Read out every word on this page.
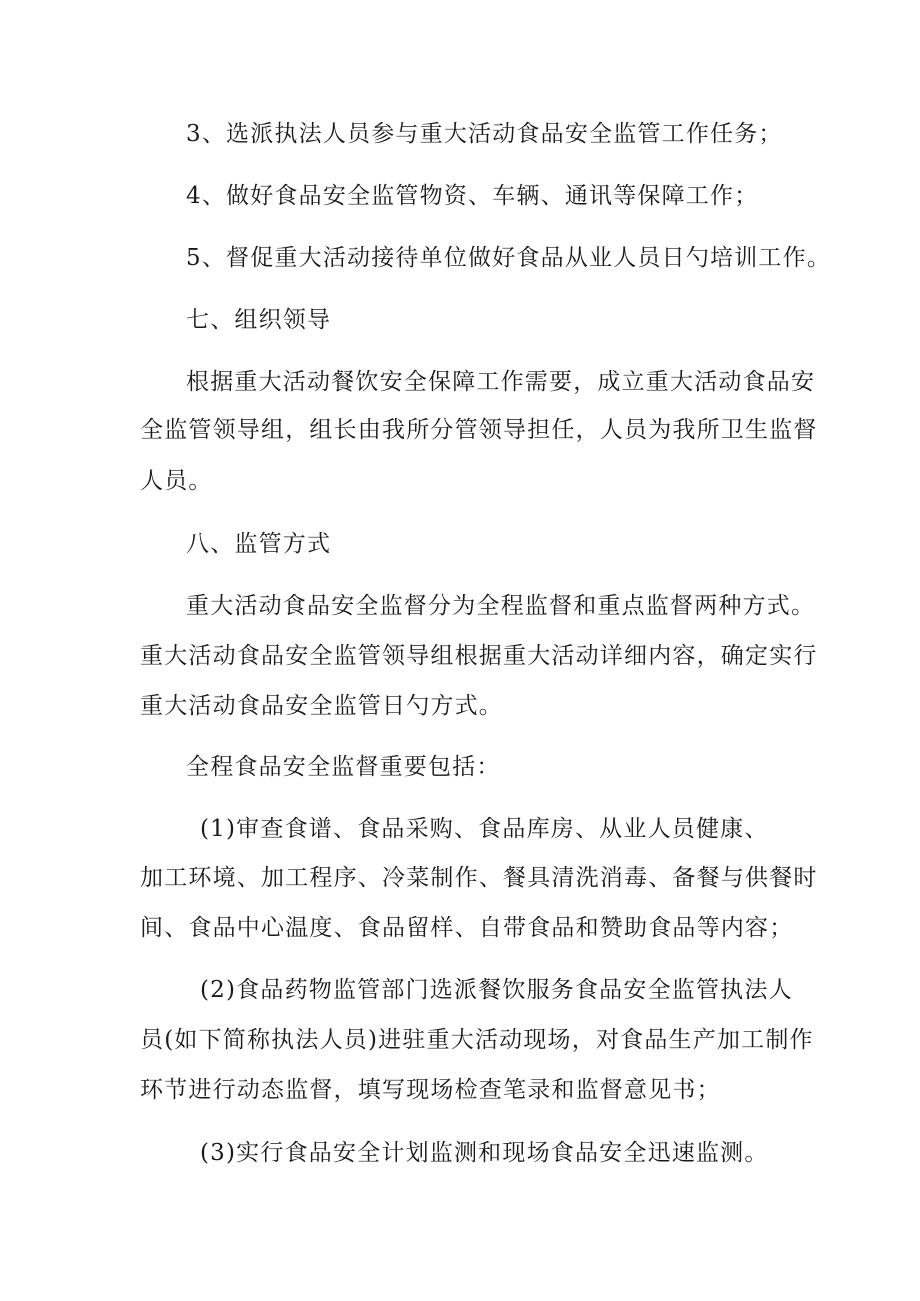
3、选派执法人员参与重大活动食品安全监管工作任务；
4、做好食品安全监管物资、车辆、通讯等保障工作；
5、督促重大活动接待单位做好食品从业人员日勺培训工作。
七、组织领导
根据重大活动餐饮安全保障工作需要，成立重大活动食品安
全监管领导组，组长由我所分管领导担任，人员为我所卫生监督
人员。
八、监管方式
重大活动食品安全监督分为全程监督和重点监督两种方式。
重大活动食品安全监管领导组根据重大活动详细内容，确定实行
重大活动食品安全监管日勺方式。
全程食品安全监督重要包括：
(1)审查食谱、食品采购、食品库房、从业人员健康、
加工环境、加工程序、冷菜制作、餐具清洗消毒、备餐与供餐时
间、食品中心温度、食品留样、自带食品和赞助食品等内容；
(2)食品药物监管部门选派餐饮服务食品安全监管执法人
员(如下简称执法人员)进驻重大活动现场，对食品生产加工制作
环节进行动态监督，填写现场检查笔录和监督意见书；
(3)实行食品安全计划监测和现场食品安全迅速监测。
